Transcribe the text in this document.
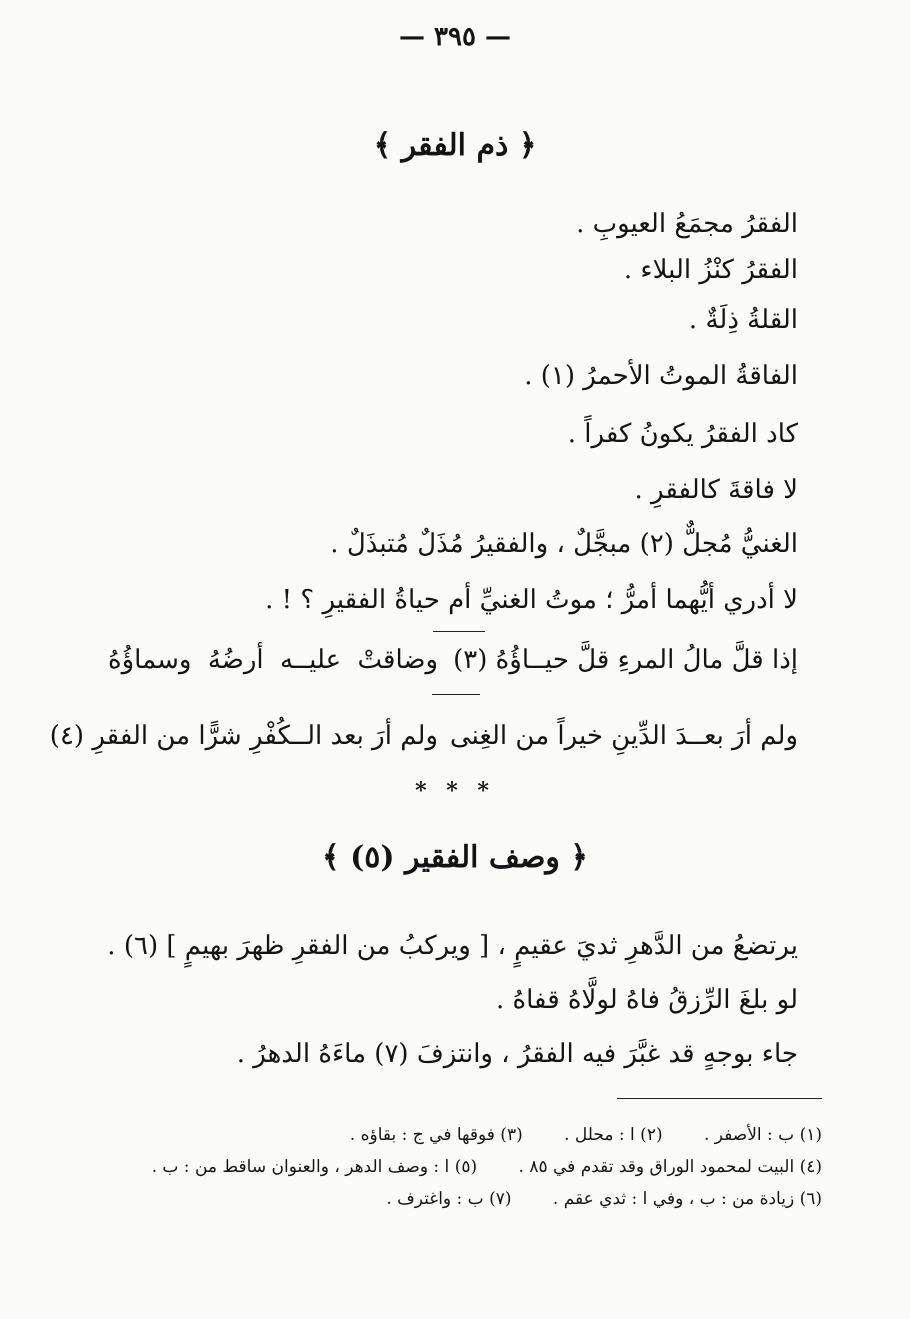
— ٣٩٥ —
﴿ ذم الفقر ﴾
الفقرُ مجمَعُ العيوبِ .
الفقرُ كنْزُ البلاء .
القلةُ ذِلَةٌ .
الفاقةُ الموتُ الأحمرُ (١) .
كاد الفقرُ يكونُ كفراً .
لا فاقةَ كالفقرِ .
الغنيُّ مُجلٌّ (٢) مبجَّلٌ ، والفقيرُ مُذَلٌ مُتبذَلٌ .
لا أدري أيُّهما أمرُّ ؛ موتُ الغنيِّ أم حياةُ الفقيرِ ؟ ! .
إذا قلَّ مالُ المرءِ قلَّ حيــاؤُهُ (٣)
وضاقتْ عليــه أرضُهُ وسماؤُهُ
ولم أرَ بعــدَ الدِّينِ خيراً من الغِنى
ولم أرَ بعد الــكُفْرِ شرًّا من الفقرِ (٤)
* * *
﴿ وصف الفقير (٥) ﴾
يرتضعُ من الدَّهرِ ثديَ عقيمٍ ، [ ويركبُ من الفقرِ ظهرَ بهيمٍ ] (٦) .
لو بلغَ الرِّزقُ فاهُ لولَّاهُ قفاهُ .
جاء بوجهٍ قد غبَّرَ فيه الفقرُ ، وانتزفَ (٧) ماءَهُ الدهرُ .
(١) ب : الأصفر . (٢) ا : محلل . (٣) فوقها في ج : بقاؤه .
(٤) البيت لمحمود الوراق وقد تقدم في ٨٥ . (٥) ا : وصف الدهر ، والعنوان ساقط من : ب .
(٦) زيادة من : ب ، وفي ا : ثدي عقم . (٧) ب : واغترف .
